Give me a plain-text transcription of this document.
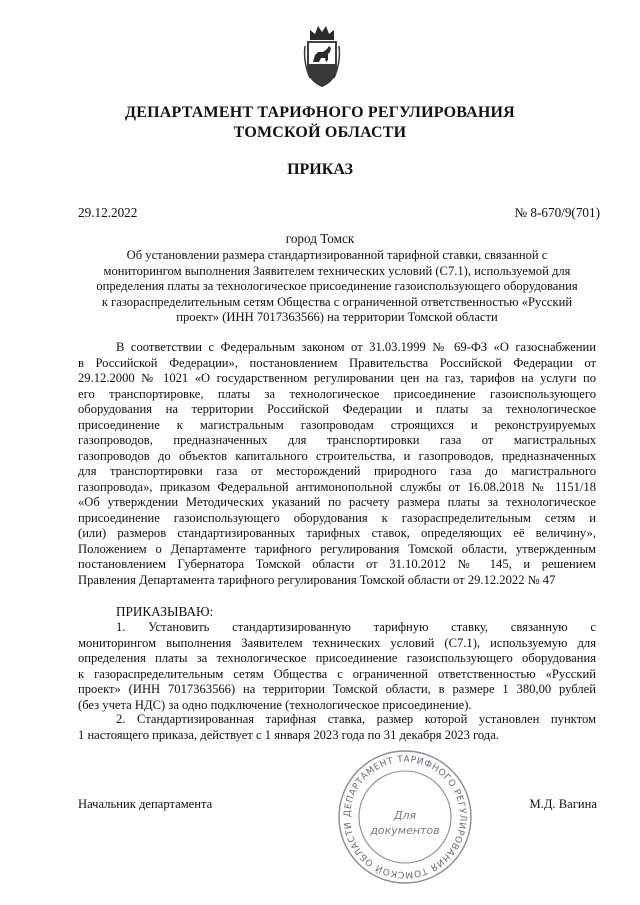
ДЕПАРТАМЕНТ ТАРИФНОГО РЕГУЛИРОВАНИЯ
ТОМСКОЙ ОБЛАСТИ
ПРИКАЗ
29.12.2022	№ 8-670/9(701)
город Томск
Об установлении размера стандартизированной тарифной ставки, связанной с
мониторингом выполнения Заявителем технических условий (С7.1), используемой для
определения платы за технологическое присоединение газоиспользующего оборудования
к газораспределительным сетям Общества с ограниченной ответственностью «Русский
проект» (ИНН 7017363566) на территории Томской области
В соответствии с Федеральным законом от 31.03.1999 № 69-ФЗ «О газоснабжении
в Российской Федерации», постановлением Правительства Российской Федерации от
29.12.2000 № 1021 «О государственном регулировании цен на газ, тарифов на услуги по
его транспортировке, платы за технологическое присоединение газоиспользующего
оборудования на территории Российской Федерации и платы за технологическое
присоединение к магистральным газопроводам строящихся и реконструируемых
газопроводов, предназначенных для транспортировки газа от магистральных
газопроводов до объектов капитального строительства, и газопроводов, предназначенных
для транспортировки газа от месторождений природного газа до магистрального
газопровода», приказом Федеральной антимонопольной службы от 16.08.2018 № 1151/18
«Об утверждении Методических указаний по расчету размера платы за технологическое
присоединение газоиспользующего оборудования к газораспределительным сетям и
(или) размеров стандартизированных тарифных ставок, определяющих её величину»,
Положением о Департаменте тарифного регулирования Томской области, утвержденным
постановлением Губернатора Томской области от 31.10.2012 № 145, и решением
Правления Департамента тарифного регулирования Томской области от 29.12.2022 № 47
ПРИКАЗЫВАЮ:
1. Установить стандартизированную тарифную ставку, связанную с
мониторингом выполнения Заявителем технических условий (С7.1), используемую для
определения платы за технологическое присоединение газоиспользующего оборудования
к газораспределительным сетям Общества с ограниченной ответственностью «Русский
проект» (ИНН 7017363566) на территории Томской области, в размере 1 380,00 рублей
(без учета НДС) за одно подключение (технологическое присоединение).
2. Стандартизированная тарифная ставка, размер которой установлен пунктом
1 настоящего приказа, действует с 1 января 2023 года по 31 декабря 2023 года.
Начальник департамента	М.Д. Вагина
ДЕПАРТАМЕНТ ТАРИФНОГО РЕГУЛИРОВАНИЯ ТОМСКОЙ ОБЛАСТИ
Для
документов
